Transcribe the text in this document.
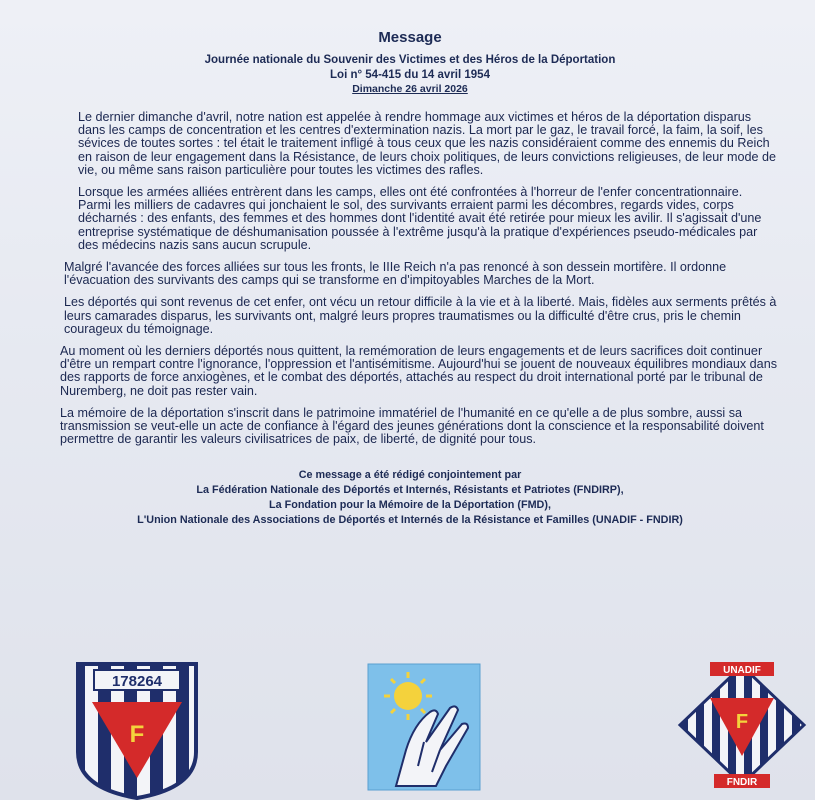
Message
Journée nationale du Souvenir des Victimes et des Héros de la Déportation
Loi n° 54-415 du 14 avril 1954
Dimanche 26 avril 2026

Le dernier dimanche d'avril, notre nation est appelée à rendre hommage aux victimes et héros de la déportation disparus dans les camps de concentration et les centres d'extermination nazis. La mort par le gaz, le travail forcé, la faim, la soif, les sévices de toutes sortes : tel était le traitement infligé à tous ceux que les nazis considéraient comme des ennemis du Reich en raison de leur engagement dans la Résistance, de leurs choix politiques, de leurs convictions religieuses, de leur mode de vie, ou même sans raison particulière pour toutes les victimes des rafles.

Lorsque les armées alliées entrèrent dans les camps, elles ont été confrontées à l'horreur de l'enfer concentrationnaire. Parmi les milliers de cadavres qui jonchaient le sol, des survivants erraient parmi les décombres, regards vides, corps décharnés : des enfants, des femmes et des hommes dont l'identité avait été retirée pour mieux les avilir. Il s'agissait d'une entreprise systématique de déshumanisation poussée à l'extrême jusqu'à la pratique d'expériences pseudo-médicales par des médecins nazis sans aucun scrupule.

Malgré l'avancée des forces alliées sur tous les fronts, le IIIe Reich n'a pas renoncé à son dessein mortifère. Il ordonne l'évacuation des survivants des camps qui se transforme en d'impitoyables Marches de la Mort.

Les déportés qui sont revenus de cet enfer, ont vécu un retour difficile à la vie et à la liberté. Mais, fidèles aux serments prêtés à leurs camarades disparus, les survivants ont, malgré leurs propres traumatismes ou la difficulté d'être crus, pris le chemin courageux du témoignage.

Au moment où les derniers déportés nous quittent, la remémoration de leurs engagements et de leurs sacrifices doit continuer d'être un rempart contre l'ignorance, l'oppression et l'antisémitisme. Aujourd'hui se jouent de nouveaux équilibres mondiaux dans des rapports de force anxiogènes, et le combat des déportés, attachés au respect du droit international porté par le tribunal de Nuremberg, ne doit pas rester vain.

La mémoire de la déportation s'inscrit dans le patrimoine immatériel de l'humanité en ce qu'elle a de plus sombre, aussi sa transmission se veut-elle un acte de confiance à l'égard des jeunes générations dont la conscience et la responsabilité doivent permettre de garantir les valeurs civilisatrices de paix, de liberté, de dignité pour tous.

Ce message a été rédigé conjointement par
La Fédération Nationale des Déportés et Internés, Résistants et Patriotes (FNDIRP),
La Fondation pour la Mémoire de la Déportation (FMD),
L'Union Nationale des Associations de Déportés et Internés de la Résistance et Familles (UNADIF - FNDIR)
178264
F
UNADIF
FNDIR
F
